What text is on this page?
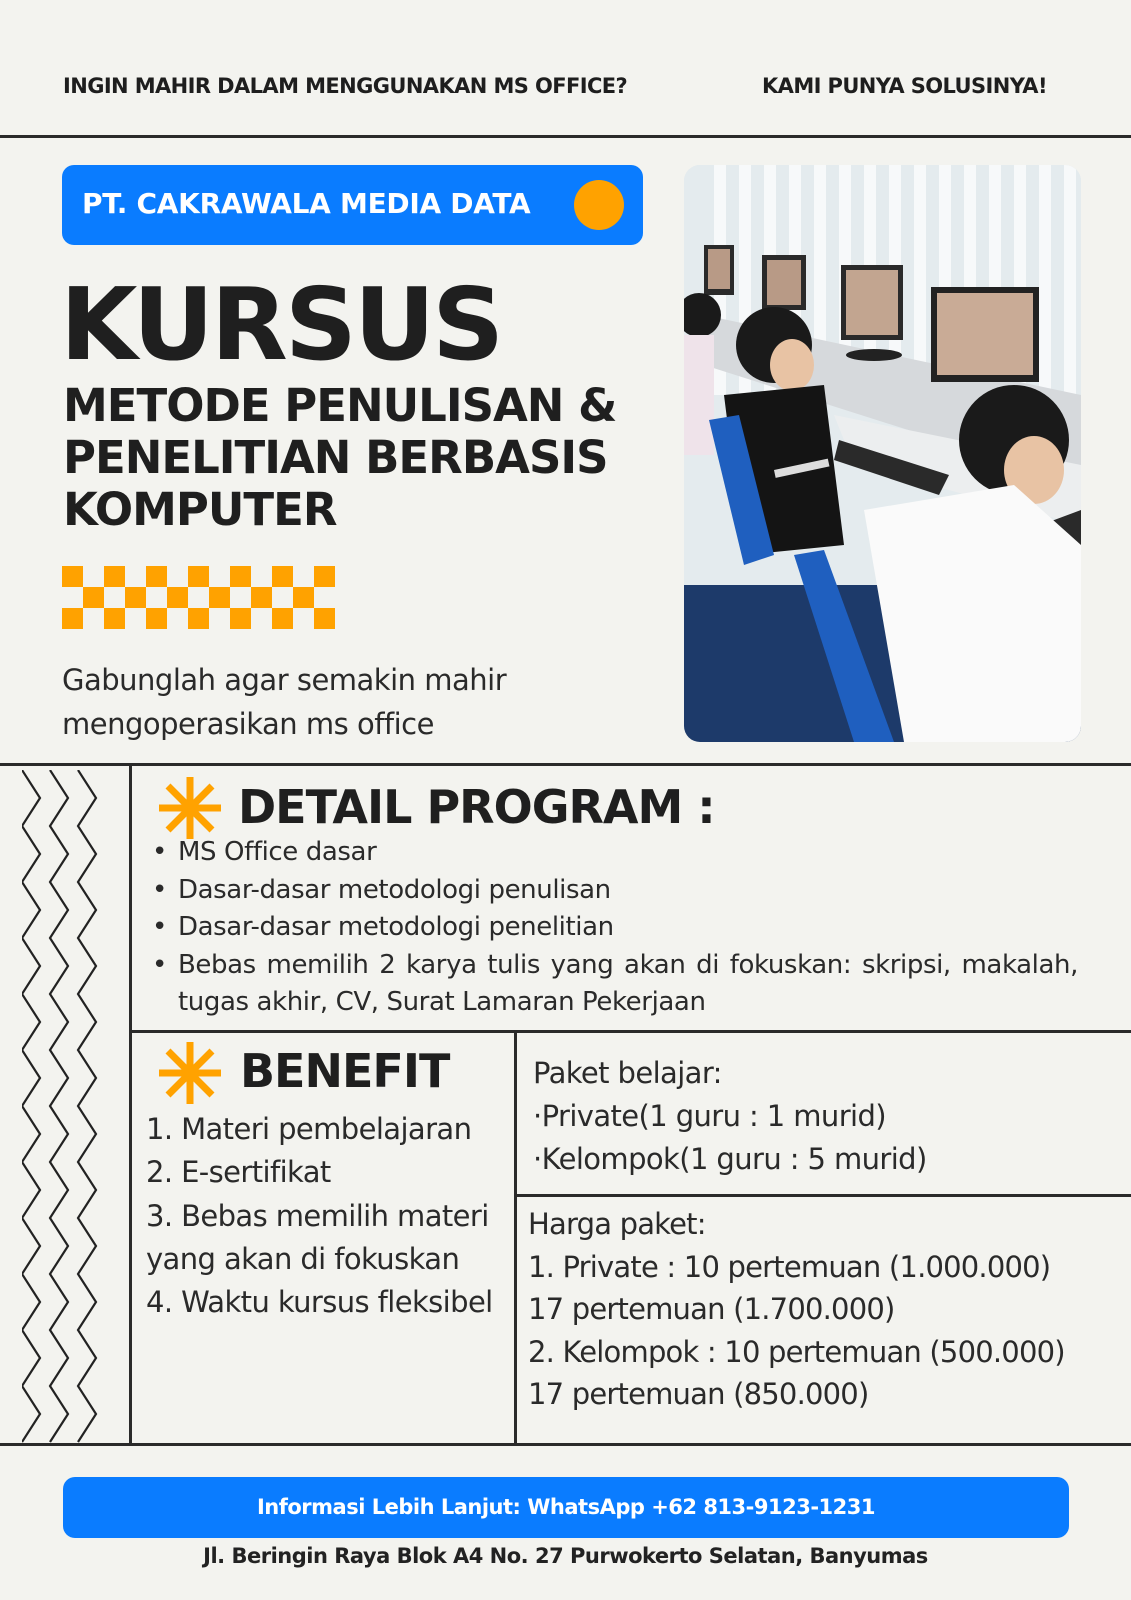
INGIN MAHIR DALAM MENGGUNAKAN MS OFFICE?	KAMI PUNYA SOLUSINYA!
PT. CAKRAWALA MEDIA DATA
KURSUS
METODE PENULISAN & PENELITIAN BERBASIS KOMPUTER
Gabunglah agar semakin mahir mengoperasikan ms office
DETAIL PROGRAM :
• MS Office dasar
• Dasar-dasar metodologi penulisan
• Dasar-dasar metodologi penelitian
• Bebas memilih 2 karya tulis yang akan di fokuskan: skripsi, makalah, tugas akhir, CV, Surat Lamaran Pekerjaan
BENEFIT
1. Materi pembelajaran
2. E-sertifikat
3. Bebas memilih materi yang akan di fokuskan
4. Waktu kursus fleksibel
Paket belajar:
·Private(1 guru : 1 murid)
·Kelompok(1 guru : 5 murid)
Harga paket:
1. Private : 10 pertemuan (1.000.000)
17 pertemuan (1.700.000)
2. Kelompok : 10 pertemuan (500.000)
17 pertemuan (850.000)
Informasi Lebih Lanjut: WhatsApp +62 813-9123-1231
Jl. Beringin Raya Blok A4 No. 27 Purwokerto Selatan, Banyumas
